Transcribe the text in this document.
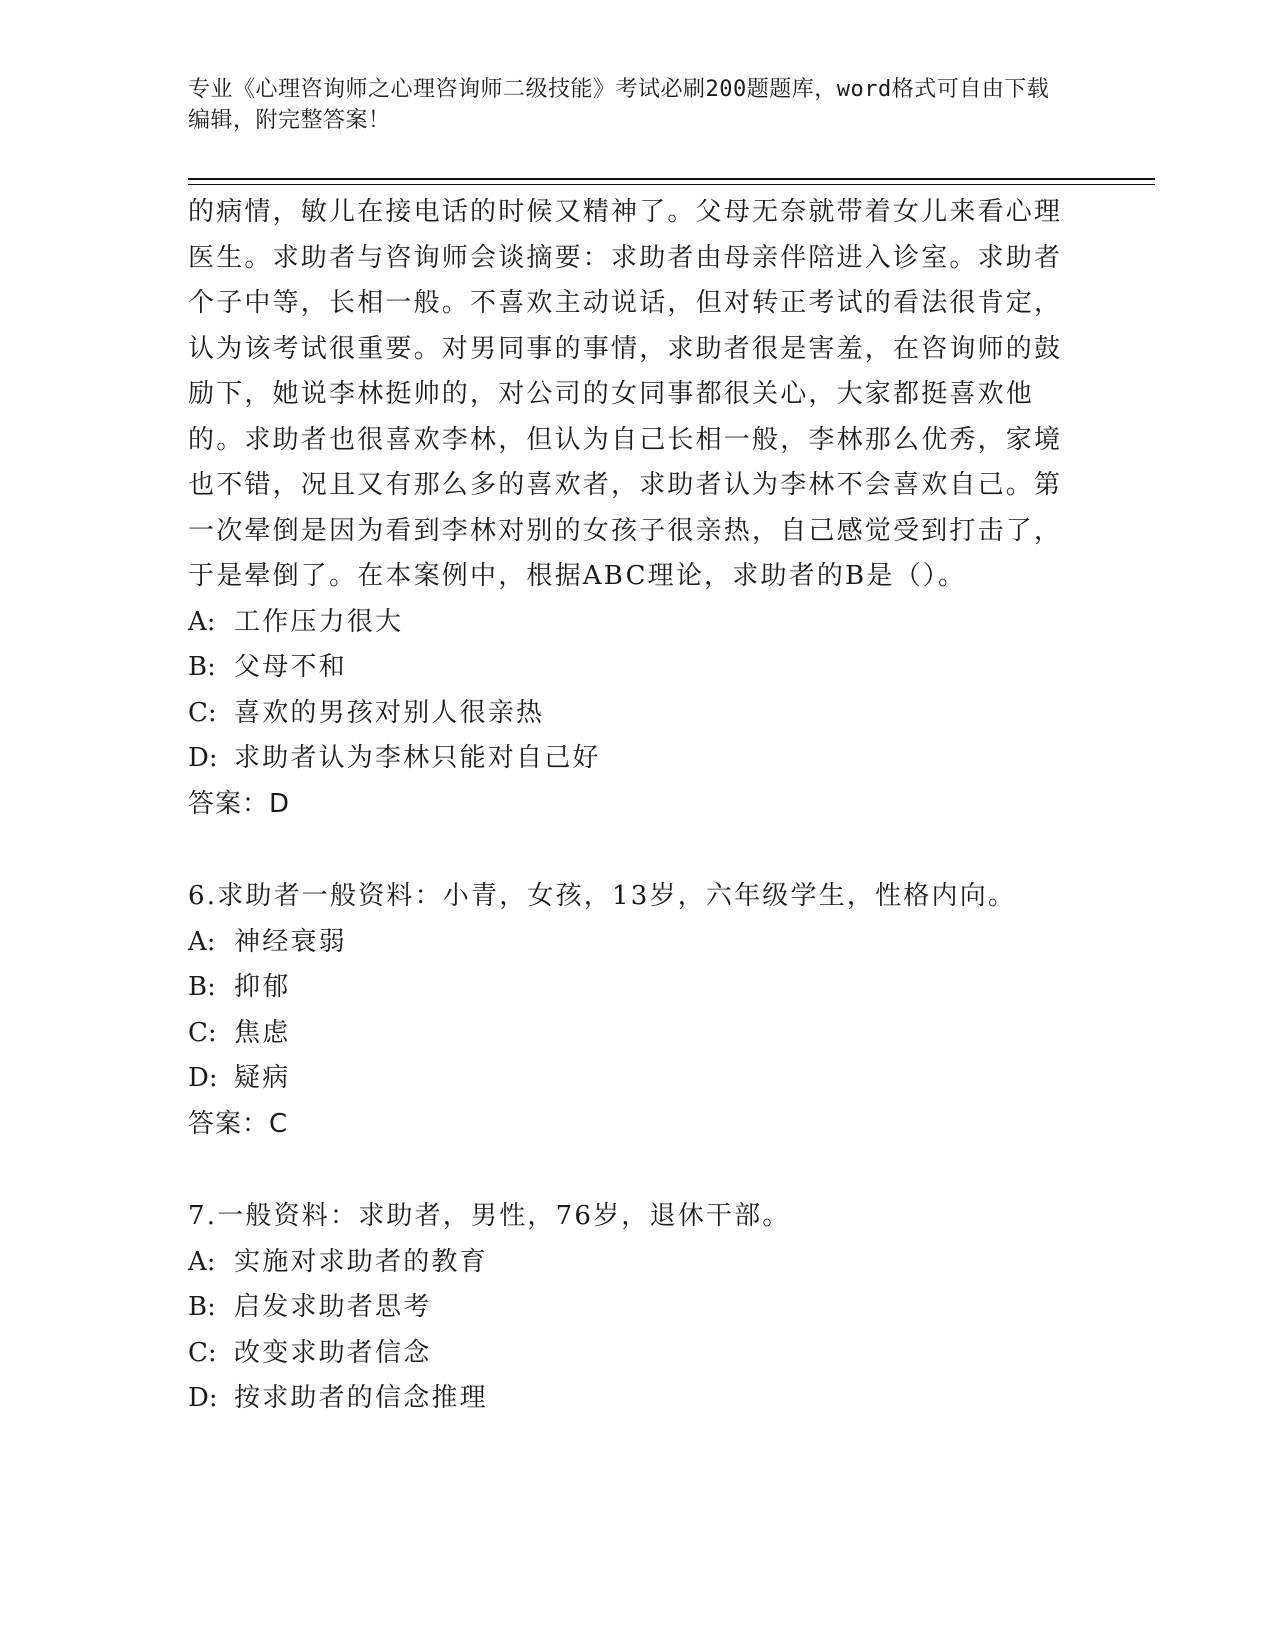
专业《心理咨询师之心理咨询师二级技能》考试必刷200题题库，word格式可自由下载编辑，附完整答案！

的病情，敏儿在接电话的时候又精神了。父母无奈就带着女儿来看心理医生。求助者与咨询师会谈摘要：求助者由母亲伴陪进入诊室。求助者个子中等，长相一般。不喜欢主动说话，但对转正考试的看法很肯定，认为该考试很重要。对男同事的事情，求助者很是害羞，在咨询师的鼓励下，她说李林挺帅的，对公司的女同事都很关心，大家都挺喜欢他的。求助者也很喜欢李林，但认为自己长相一般，李林那么优秀，家境也不错，况且又有那么多的喜欢者，求助者认为李林不会喜欢自己。第一次晕倒是因为看到李林对别的女孩子很亲热，自己感觉受到打击了，于是晕倒了。在本案例中，根据ABC理论，求助者的B是（）。

A: 工作压力很大

B: 父母不和

C: 喜欢的男孩对别人很亲热

D: 求助者认为李林只能对自己好

答案：D

6.求助者一般资料：小青，女孩，13岁，六年级学生，性格内向。

A: 神经衰弱

B: 抑郁

C: 焦虑

D: 疑病

答案：C

7.一般资料：求助者，男性，76岁，退休干部。

A: 实施对求助者的教育

B: 启发求助者思考

C: 改变求助者信念

D: 按求助者的信念推理
